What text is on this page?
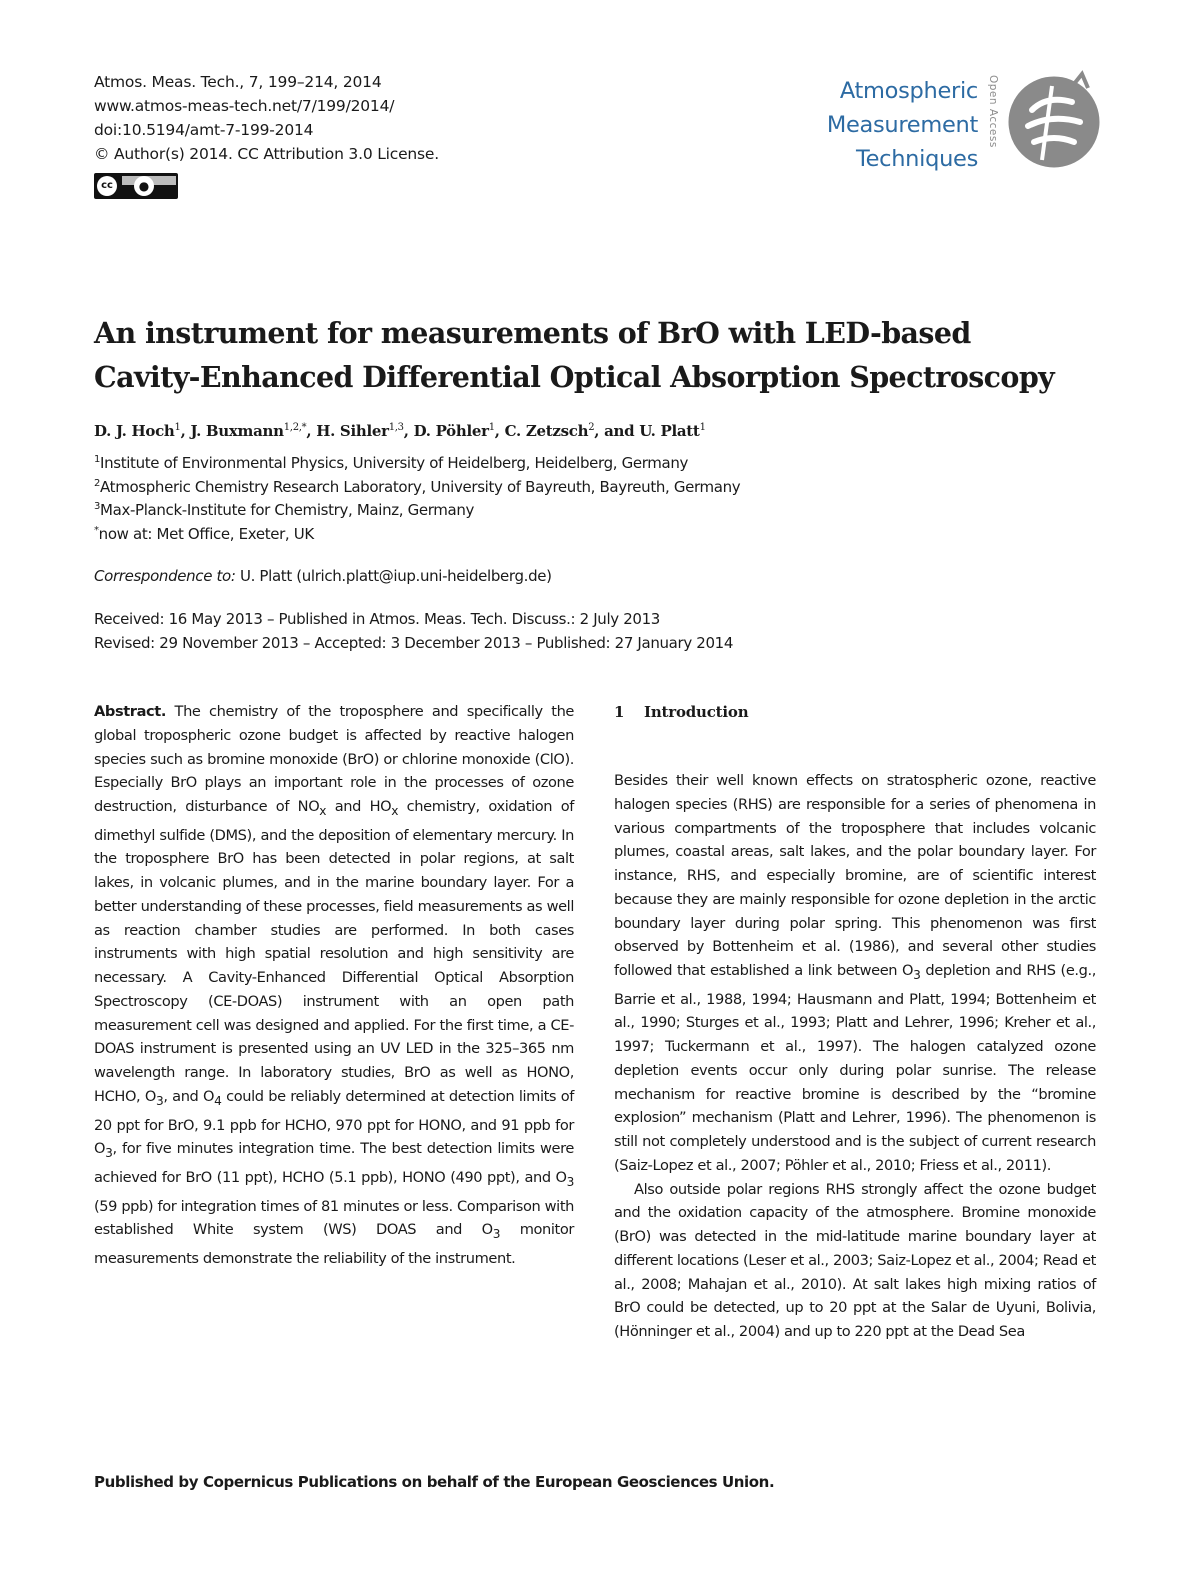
Atmos. Meas. Tech., 7, 199–214, 2014
www.atmos-meas-tech.net/7/199/2014/
doi:10.5194/amt-7-199-2014
© Author(s) 2014. CC Attribution 3.0 License.
cc	●
Atmospheric
Measurement
Techniques
Open Access
An instrument for measurements of BrO with LED-based
Cavity-Enhanced Differential Optical Absorption Spectroscopy
D. J. Hoch$^1$, J. Buxmann$^{1,2,*}$, H. Sihler$^{1,3}$, D. Pöhler$^1$, C. Zetzsch$^2$, and U. Platt$^1$
$^1$Institute of Environmental Physics, University of Heidelberg, Heidelberg, Germany
$^2$Atmospheric Chemistry Research Laboratory, University of Bayreuth, Bayreuth, Germany
$^3$Max-Planck-Institute for Chemistry, Mainz, Germany
*now at: Met Office, Exeter, UK
Correspondence to: U. Platt (ulrich.platt@iup.uni-heidelberg.de)
Received: 16 May 2013 – Published in Atmos. Meas. Tech. Discuss.: 2 July 2013
Revised: 29 November 2013 – Accepted: 3 December 2013 – Published: 27 January 2014
Abstract. The chemistry of the troposphere and specifically the global tropospheric ozone budget is affected by reactive halogen species such as bromine monoxide (BrO) or chlorine monoxide (ClO). Especially BrO plays an important role in the processes of ozone destruction, disturbance of $NO_x$ and $HO_x$ chemistry, oxidation of dimethyl sulfide (DMS), and the deposition of elementary mercury. In the troposphere BrO has been detected in polar regions, at salt lakes, in volcanic plumes, and in the marine boundary layer. For a better understanding of these processes, field measurements as well as reaction chamber studies are performed. In both cases instruments with high spatial resolution and high sensitivity are necessary. A Cavity-Enhanced Differential Optical Absorption Spectroscopy (CE-DOAS) instrument with an open path measurement cell was designed and applied. For the first time, a CE-DOAS instrument is presented using an UV LED in the 325–365 nm wavelength range. In laboratory studies, BrO as well as HONO, HCHO, $O_3$, and $O_4$ could be reliably determined at detection limits of 20 ppt for BrO, 9.1 ppb for HCHO, 970 ppt for HONO, and 91 ppb for $O_3$, for five minutes integration time. The best detection limits were achieved for BrO (11 ppt), HCHO (5.1 ppb), HONO (490 ppt), and $O_3$ (59 ppb) for integration times of 81 minutes or less. Comparison with established White system (WS) DOAS and $O_3$ monitor measurements demonstrate the reliability of the instrument.
1 Introduction
Besides their well known effects on stratospheric ozone, reactive halogen species (RHS) are responsible for a series of phenomena in various compartments of the troposphere that includes volcanic plumes, coastal areas, salt lakes, and the polar boundary layer. For instance, RHS, and especially bromine, are of scientific interest because they are mainly responsible for ozone depletion in the arctic boundary layer during polar spring. This phenomenon was first observed by Bottenheim et al. (1986), and several other studies followed that established a link between $O_3$ depletion and RHS (e.g., Barrie et al., 1988, 1994; Hausmann and Platt, 1994; Bottenheim et al., 1990; Sturges et al., 1993; Platt and Lehrer, 1996; Kreher et al., 1997; Tuckermann et al., 1997). The halogen catalyzed ozone depletion events occur only during polar sunrise. The release mechanism for reactive bromine is described by the “bromine explosion” mechanism (Platt and Lehrer, 1996). The phenomenon is still not completely understood and is the subject of current research (Saiz-Lopez et al., 2007; Pöhler et al., 2010; Friess et al., 2011).
Also outside polar regions RHS strongly affect the ozone budget and the oxidation capacity of the atmosphere. Bromine monoxide (BrO) was detected in the mid-latitude marine boundary layer at different locations (Leser et al., 2003; Saiz-Lopez et al., 2004; Read et al., 2008; Mahajan et al., 2010). At salt lakes high mixing ratios of BrO could be detected, up to 20 ppt at the Salar de Uyuni, Bolivia, (Hönninger et al., 2004) and up to 220 ppt at the Dead Sea
Published by Copernicus Publications on behalf of the European Geosciences Union.
